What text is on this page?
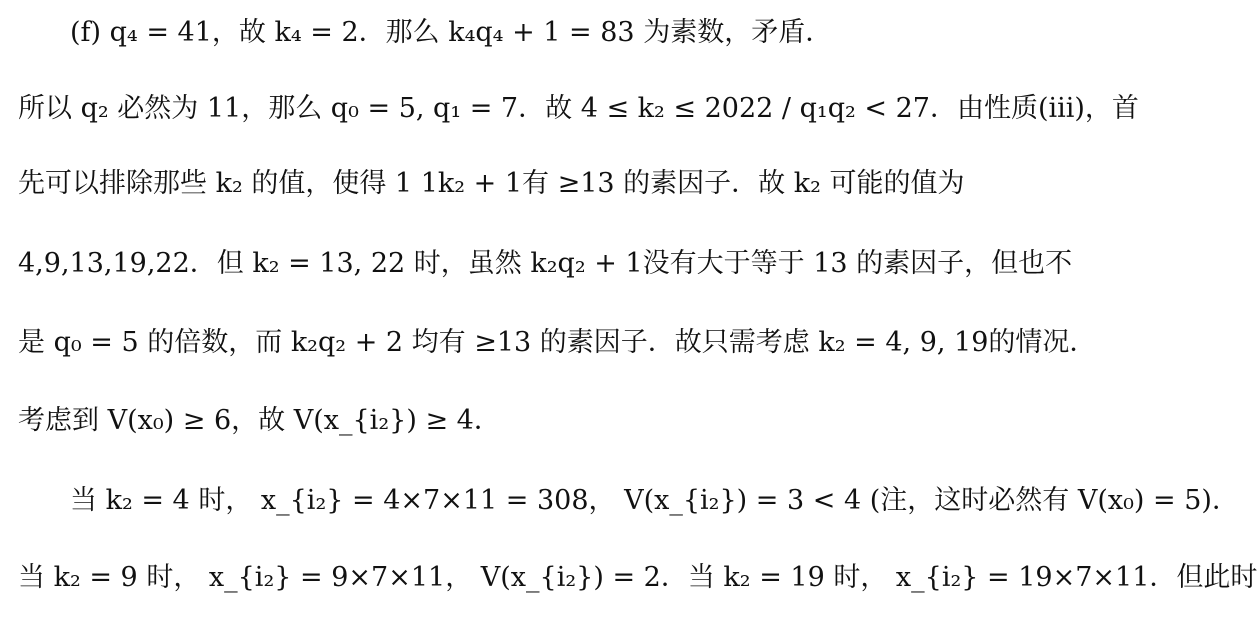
(f) q₄ = 41，故 k₄ = 2．那么 k₄q₄ + 1 = 83 为素数，矛盾．
所以 q₂ 必然为 11，那么 q₀ = 5, q₁ = 7．故 4 ≤ k₂ ≤ 2022 / q₁q₂ < 27．由性质(iii)，首
先可以排除那些 k₂ 的值，使得 1 1k₂ + 1有 ≥13 的素因子．故 k₂ 可能的值为
4,9,13,19,22．但 k₂ = 13, 22 时，虽然 k₂q₂ + 1没有大于等于 13 的素因子，但也不
是 q₀ = 5 的倍数，而 k₂q₂ + 2 均有 ≥13 的素因子．故只需考虑 k₂ = 4, 9, 19的情况．
考虑到 V(x₀) ≥ 6，故 V(x_{i₂}) ≥ 4．
当 k₂ = 4 时， x_{i₂} = 4×7×11 = 308， V(x_{i₂}) = 3 < 4 (注，这时必然有 V(x₀) = 5)．
当 k₂ = 9 时， x_{i₂} = 9×7×11， V(x_{i₂}) = 2．当 k₂ = 19 时， x_{i₂} = 19×7×11．但此时
